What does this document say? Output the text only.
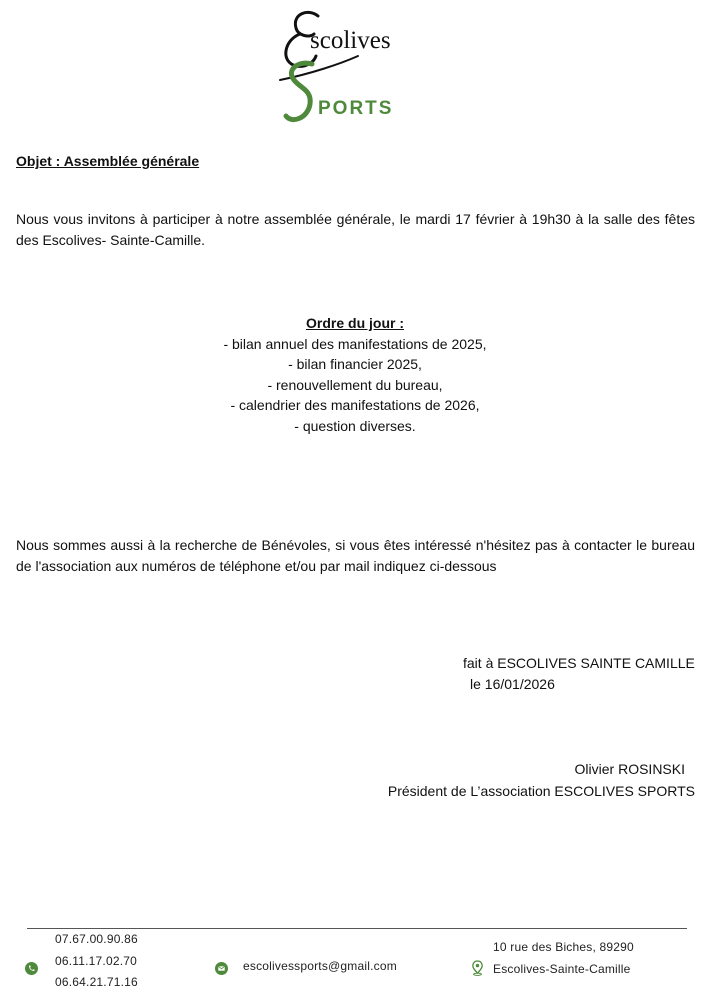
scolives
PORTS
Objet : Assemblée générale
Nous vous invitons à participer à notre assemblée générale, le mardi 17 février à 19h30 à la salle des fêtes des Escolives- Sainte-Camille.
Ordre du jour :
- bilan annuel des manifestations de 2025,
- bilan financier 2025,
- renouvellement du bureau,
- calendrier des manifestations de 2026,
- question diverses.
Nous sommes aussi à la recherche de Bénévoles, si vous êtes intéressé n'hésitez pas à contacter le bureau de l'association aux numéros de téléphone et/ou par mail indiquez ci-dessous
fait à ESCOLIVES SAINTE CAMILLE
le 16/01/2026
Olivier ROSINSKI
Président de L’association ESCOLIVES SPORTS
07.67.00.90.86
06.11.17.02.70
06.64.21.71.16
escolivessports@gmail.com
10 rue des Biches, 89290
Escolives-Sainte-Camille
